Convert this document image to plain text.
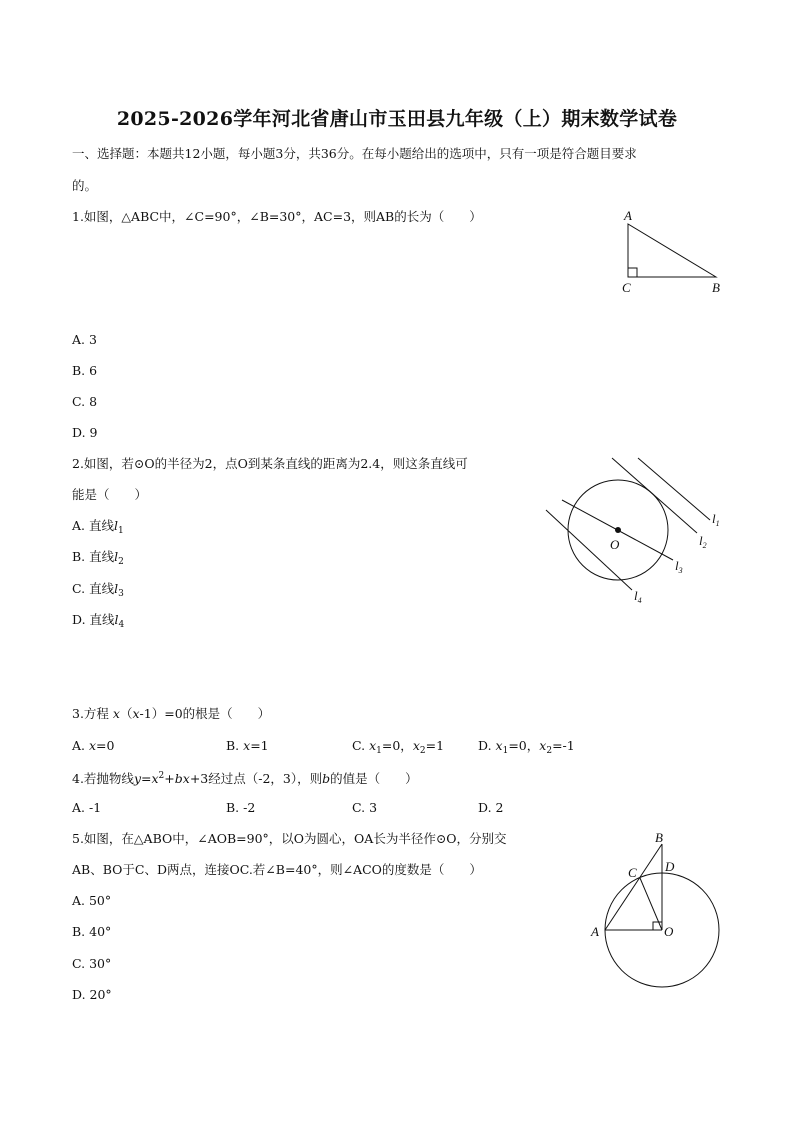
2025-2026学年河北省唐山市玉田县九年级（上）期末数学试卷
一、选择题：本题共12小题，每小题3分，共36分。在每小题给出的选项中，只有一项是符合题目要求
的。
1.如图，△ABC中，∠C=90°，∠B=30°，AC=3，则AB的长为（　　）
A. 3
B. 6
C. 8
D. 9
A
C	B
2.如图，若⊙O的半径为2，点O到某条直线的距离为2.4，则这条直线可
能是（　　）
A. 直线$l_1$
B. 直线$l_2$
C. 直线$l_3$
D. 直线$l_4$
O
$l_1$
$l_2$
$l_3$
$l_4$
3.方程 x（x-1）=0的根是（　　）
A. x=0	B. x=1	C. $x_1=0$，$x_2=1$	D. $x_1=0$，$x_2=-1$
4.若抛物线$y=x^2+bx+3$经过点（-2，3），则b的值是（　　）
A. -1	B. -2	C. 3	D. 2
5.如图，在△ABO中，∠AOB=90°，以O为圆心，OA长为半径作⊙O，分别交
AB、BO于C、D两点，连接OC.若∠B=40°，则∠ACO的度数是（　　）
A. 50°
B. 40°
C. 30°
D. 20°
B
D
C
A	O
